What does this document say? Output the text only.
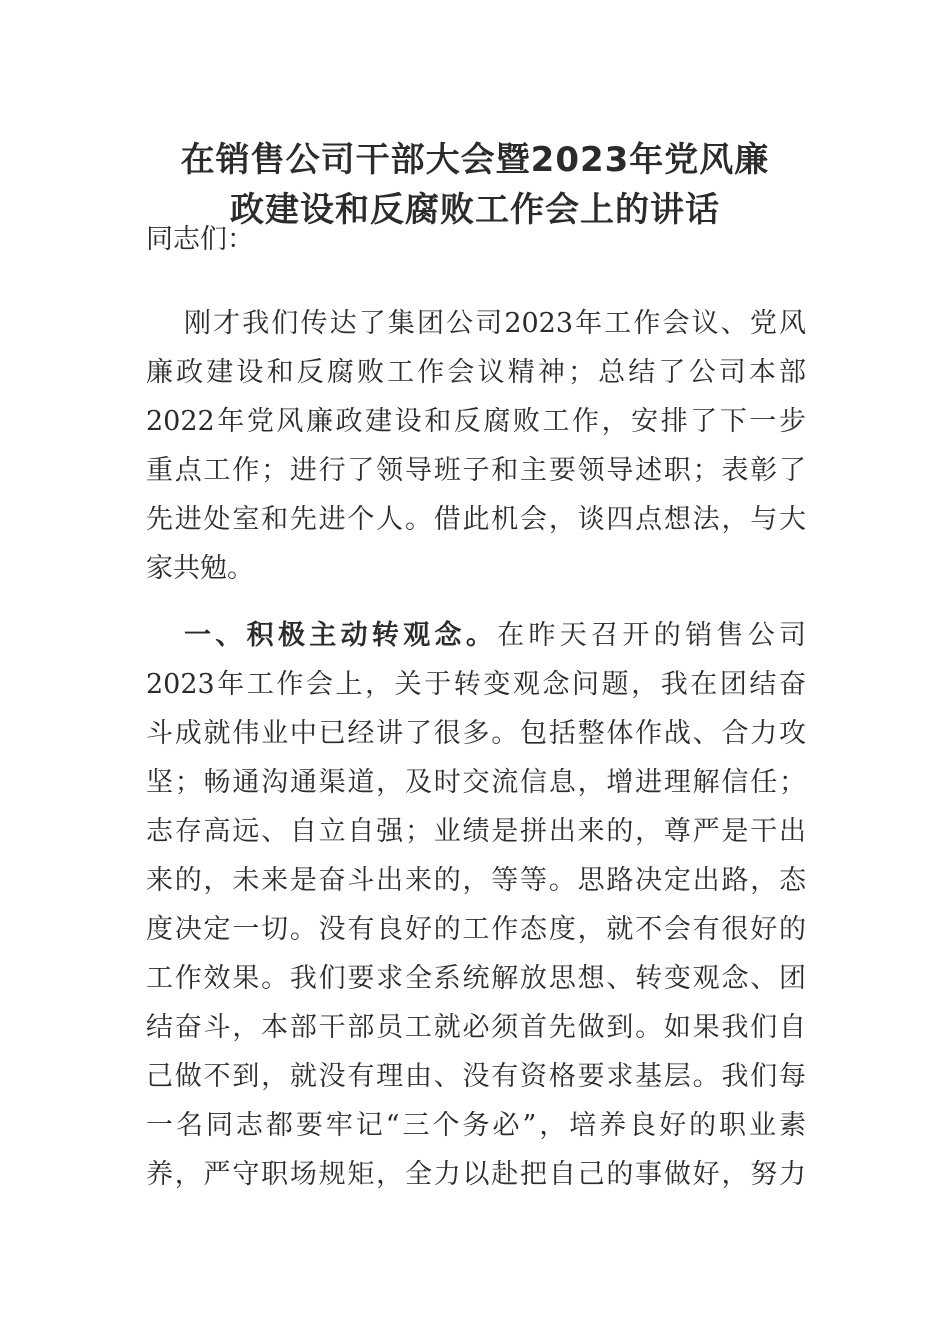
在销售公司干部大会暨2023年党风廉
政建设和反腐败工作会上的讲话
同志们：
刚才我们传达了集团公司2023年工作会议、党风
廉政建设和反腐败工作会议精神；总结了公司本部
2022年党风廉政建设和反腐败工作，安排了下一步
重点工作；进行了领导班子和主要领导述职；表彰了
先进处室和先进个人。借此机会，谈四点想法，与大
家共勉。
一、积极主动转观念。在昨天召开的销售公司
2023年工作会上，关于转变观念问题，我在团结奋
斗成就伟业中已经讲了很多。包括整体作战、合力攻
坚；畅通沟通渠道，及时交流信息，增进理解信任；
志存高远、自立自强；业绩是拼出来的，尊严是干出
来的，未来是奋斗出来的，等等。思路决定出路，态
度决定一切。没有良好的工作态度，就不会有很好的
工作效果。我们要求全系统解放思想、转变观念、团
结奋斗，本部干部员工就必须首先做到。如果我们自
己做不到，就没有理由、没有资格要求基层。我们每
一名同志都要牢记“三个务必”，培养良好的职业素
养，严守职场规矩，全力以赴把自己的事做好，努力
